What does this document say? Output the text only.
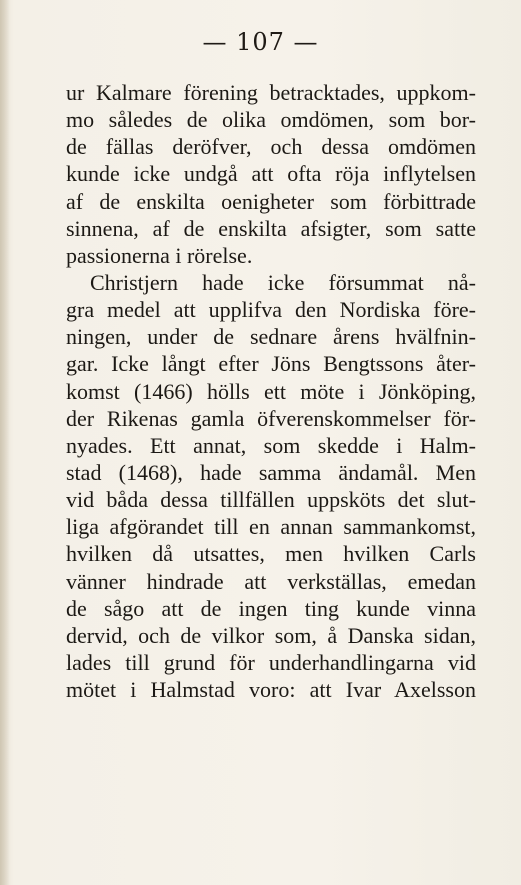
— 107 —
ur Kalmare förening betracktades, uppkom-
mo således de olika omdömen, som bor-
de fällas deröfver, och dessa omdömen
kunde icke undgå att ofta röja inflytelsen
af de enskilta oenigheter som förbittrade
sinnena, af de enskilta afsigter, som satte
passionerna i rörelse.
Christjern hade icke försummat nå-
gra medel att upplifva den Nordiska före-
ningen, under de sednare årens hvälfnin-
gar. Icke långt efter Jöns Bengtssons åter-
komst (1466) hölls ett möte i Jönköping,
der Rikenas gamla öfverenskommelser för-
nyades. Ett annat, som skedde i Halm-
stad (1468), hade samma ändamål. Men
vid båda dessa tillfällen uppsköts det slut-
liga afgörandet till en annan sammankomst,
hvilken då utsattes, men hvilken Carls
vänner hindrade att verkställas, emedan
de sågo att de ingen ting kunde vinna
dervid, och de vilkor som, å Danska sidan,
lades till grund för underhandlingarna vid
mötet i Halmstad voro: att Ivar Axelsson
